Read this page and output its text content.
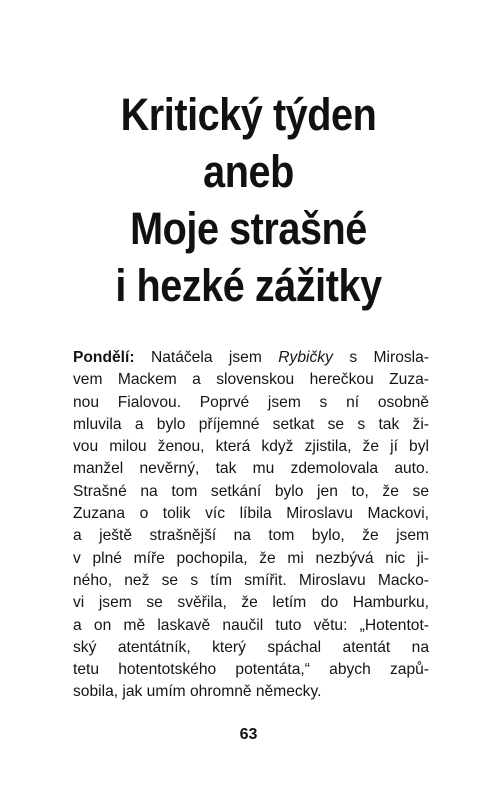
Kritický týden
aneb
Moje strašné
i hezké zážitky
Pondělí: Natáčela jsem Rybičky s Mirosla-
vem Mackem a slovenskou herečkou Zuza-
nou Fialovou. Poprvé jsem s ní osobně
mluvila a bylo příjemné setkat se s tak ži-
vou milou ženou, která když zjistila, že jí byl
manžel nevěrný, tak mu zdemolovala auto.
Strašné na tom setkání bylo jen to, že se
Zuzana o tolik víc líbila Miroslavu Mackovi,
a ještě strašnější na tom bylo, že jsem
v plné míře pochopila, že mi nezbývá nic ji-
ného, než se s tím smířit. Miroslavu Macko-
vi jsem se svěřila, že letím do Hamburku,
a on mě laskavě naučil tuto větu: „Hotentot-
ský atentátník, který spáchal atentát na
tetu hotentotského potentáta,“ abych zapů-
sobila, jak umím ohromně německy.
63
